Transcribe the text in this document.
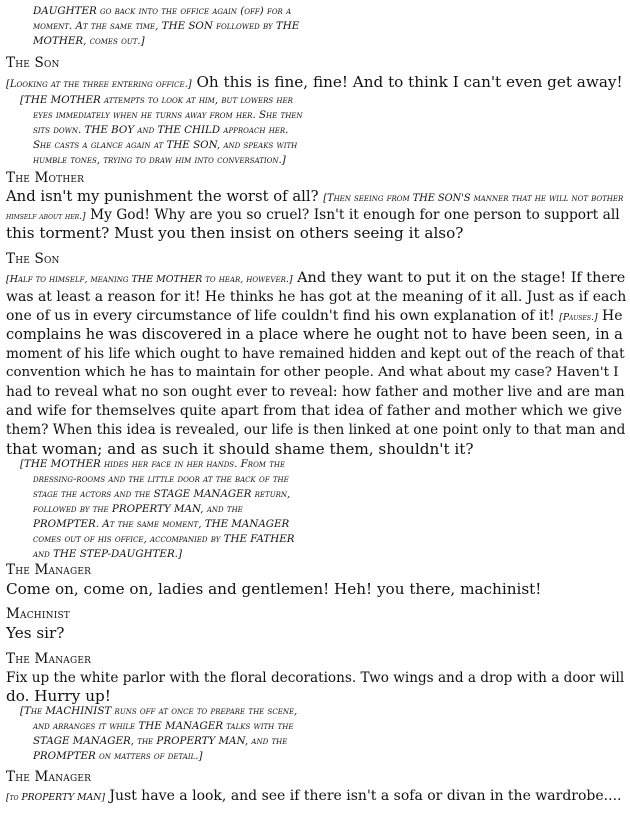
DAUGHTER go back into the office again (off) for a
moment. At the same time, THE SON followed by THE
MOTHER, comes out.]
The Son
[Looking at the three entering office.] Oh this is fine, fine! And to think I can't even get away!
[THE MOTHER attempts to look at him, but lowers her
eyes immediately when he turns away from her. She then
sits down. THE BOY and THE CHILD approach her.
She casts a glance again at THE SON, and speaks with
humble tones, trying to draw him into conversation.]
The Mother
And isn't my punishment the worst of all? [Then seeing from THE SON'S manner that he will not bother
himself about her.] My God! Why are you so cruel? Isn't it enough for one person to support all
this torment? Must you then insist on others seeing it also?
The Son
[Half to himself, meaning THE MOTHER to hear, however.] And they want to put it on the stage! If there
was at least a reason for it! He thinks he has got at the meaning of it all. Just as if each
one of us in every circumstance of life couldn't find his own explanation of it! [Pauses.] He
complains he was discovered in a place where he ought not to have been seen, in a
moment of his life which ought to have remained hidden and kept out of the reach of that
convention which he has to maintain for other people. And what about my case? Haven't I
had to reveal what no son ought ever to reveal: how father and mother live and are man
and wife for themselves quite apart from that idea of father and mother which we give
them? When this idea is revealed, our life is then linked at one point only to that man and
that woman; and as such it should shame them, shouldn't it?
[THE MOTHER hides her face in her hands. From the
dressing-rooms and the little door at the back of the
stage the actors and the STAGE MANAGER return,
followed by the PROPERTY MAN, and the
PROMPTER. At the same moment, THE MANAGER
comes out of his office, accompanied by THE FATHER
and THE STEP-DAUGHTER.]
The Manager
Come on, come on, ladies and gentlemen! Heh! you there, machinist!
Machinist
Yes sir?
The Manager
Fix up the white parlor with the floral decorations. Two wings and a drop with a door will
do. Hurry up!
[The MACHINIST runs off at once to prepare the scene,
and arranges it while THE MANAGER talks with the
STAGE MANAGER, the PROPERTY MAN, and the
PROMPTER on matters of detail.]
The Manager
[to PROPERTY MAN] Just have a look, and see if there isn't a sofa or divan in the wardrobe....
